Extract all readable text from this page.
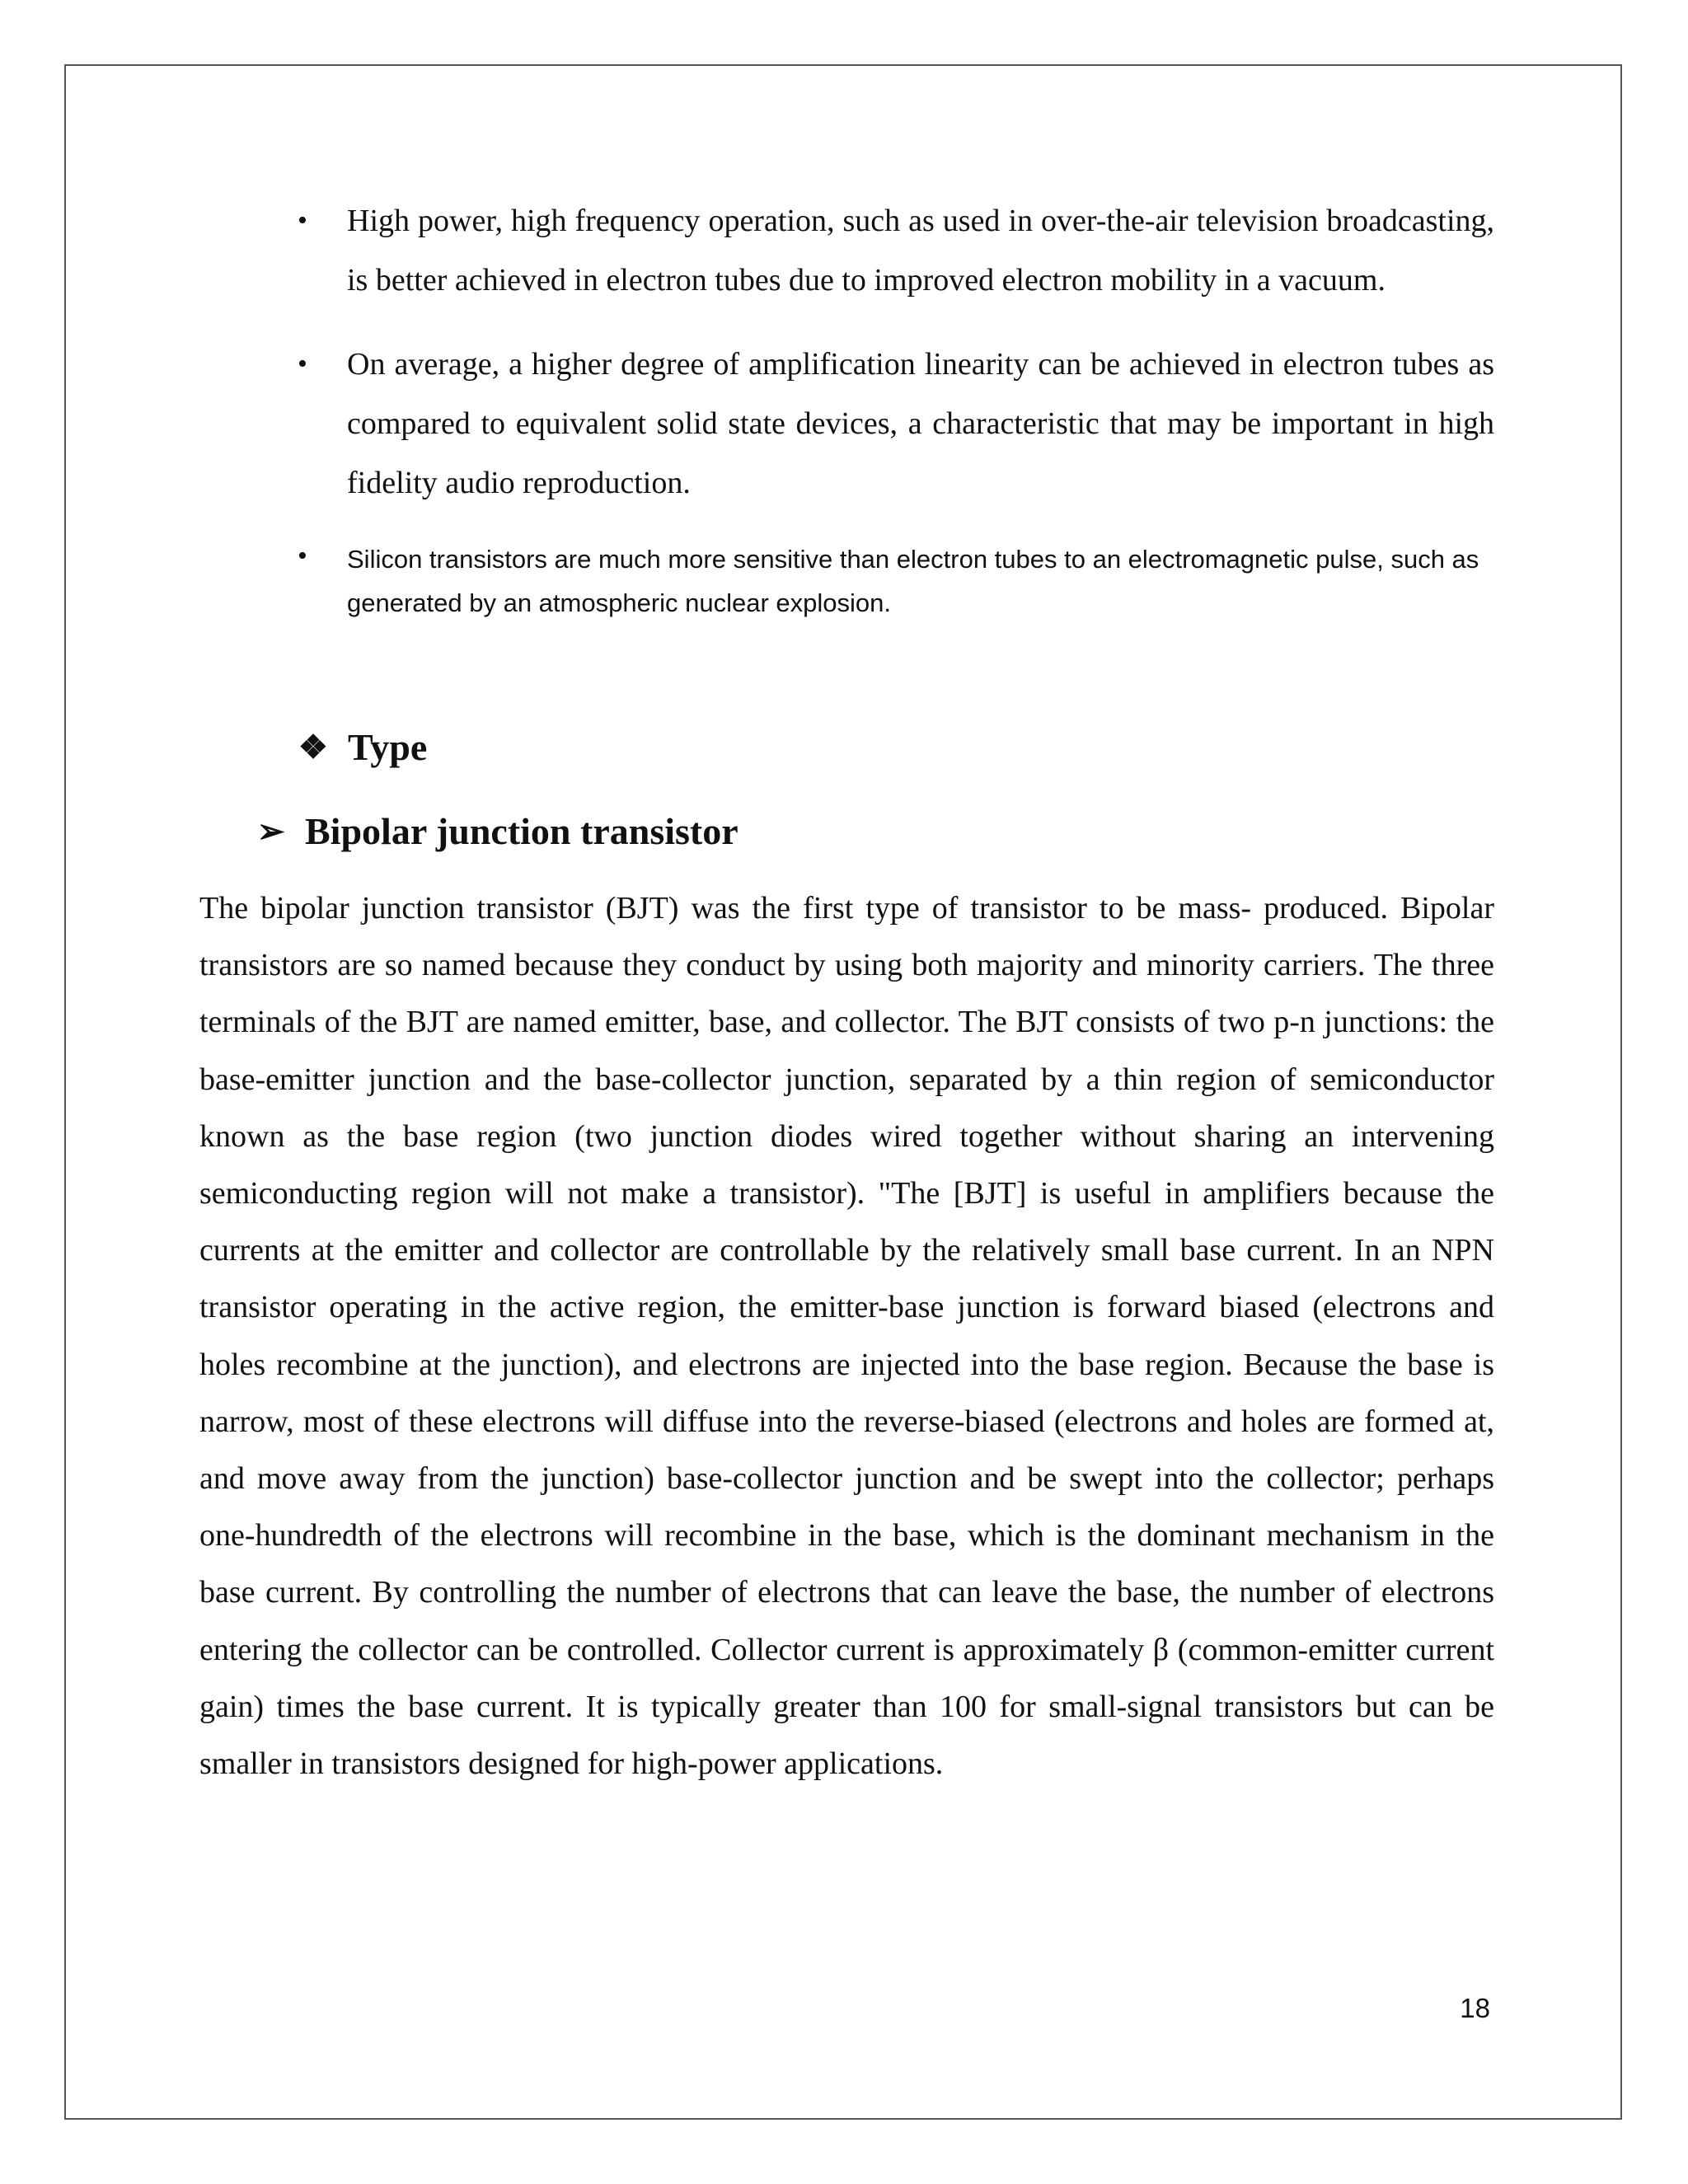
• High power, high frequency operation, such as used in over-the-air television broadcasting, is better achieved in electron tubes due to improved electron mobility in a vacuum.
• On average, a higher degree of amplification linearity can be achieved in electron tubes as compared to equivalent solid state devices, a characteristic that may be important in high fidelity audio reproduction.
• Silicon transistors are much more sensitive than electron tubes to an electromagnetic pulse, such as generated by an atmospheric nuclear explosion.
❖ Type
➢ Bipolar junction transistor

The bipolar junction transistor (BJT) was the first type of transistor to be mass- produced. Bipolar transistors are so named because they conduct by using both majority and minority carriers. The three terminals of the BJT are named emitter, base, and collector. The BJT consists of two p-n junctions: the base-emitter junction and the base-collector junction, separated by a thin region of semiconductor known as the base region (two junction diodes wired together without sharing an intervening semiconducting region will not make a transistor). "The [BJT] is useful in amplifiers because the currents at the emitter and collector are controllable by the relatively small base current. In an NPN transistor operating in the active region, the emitter-base junction is forward biased (electrons and holes recombine at the junction), and electrons are injected into the base region. Because the base is narrow, most of these electrons will diffuse into the reverse-biased (electrons and holes are formed at, and move away from the junction) base-collector junction and be swept into the collector; perhaps one-hundredth of the electrons will recombine in the base, which is the dominant mechanism in the base current. By controlling the number of electrons that can leave the base, the number of electrons entering the collector can be controlled. Collector current is approximately β (common-emitter current gain) times the base current. It is typically greater than 100 for small-signal transistors but can be smaller in transistors designed for high-power applications.

18
